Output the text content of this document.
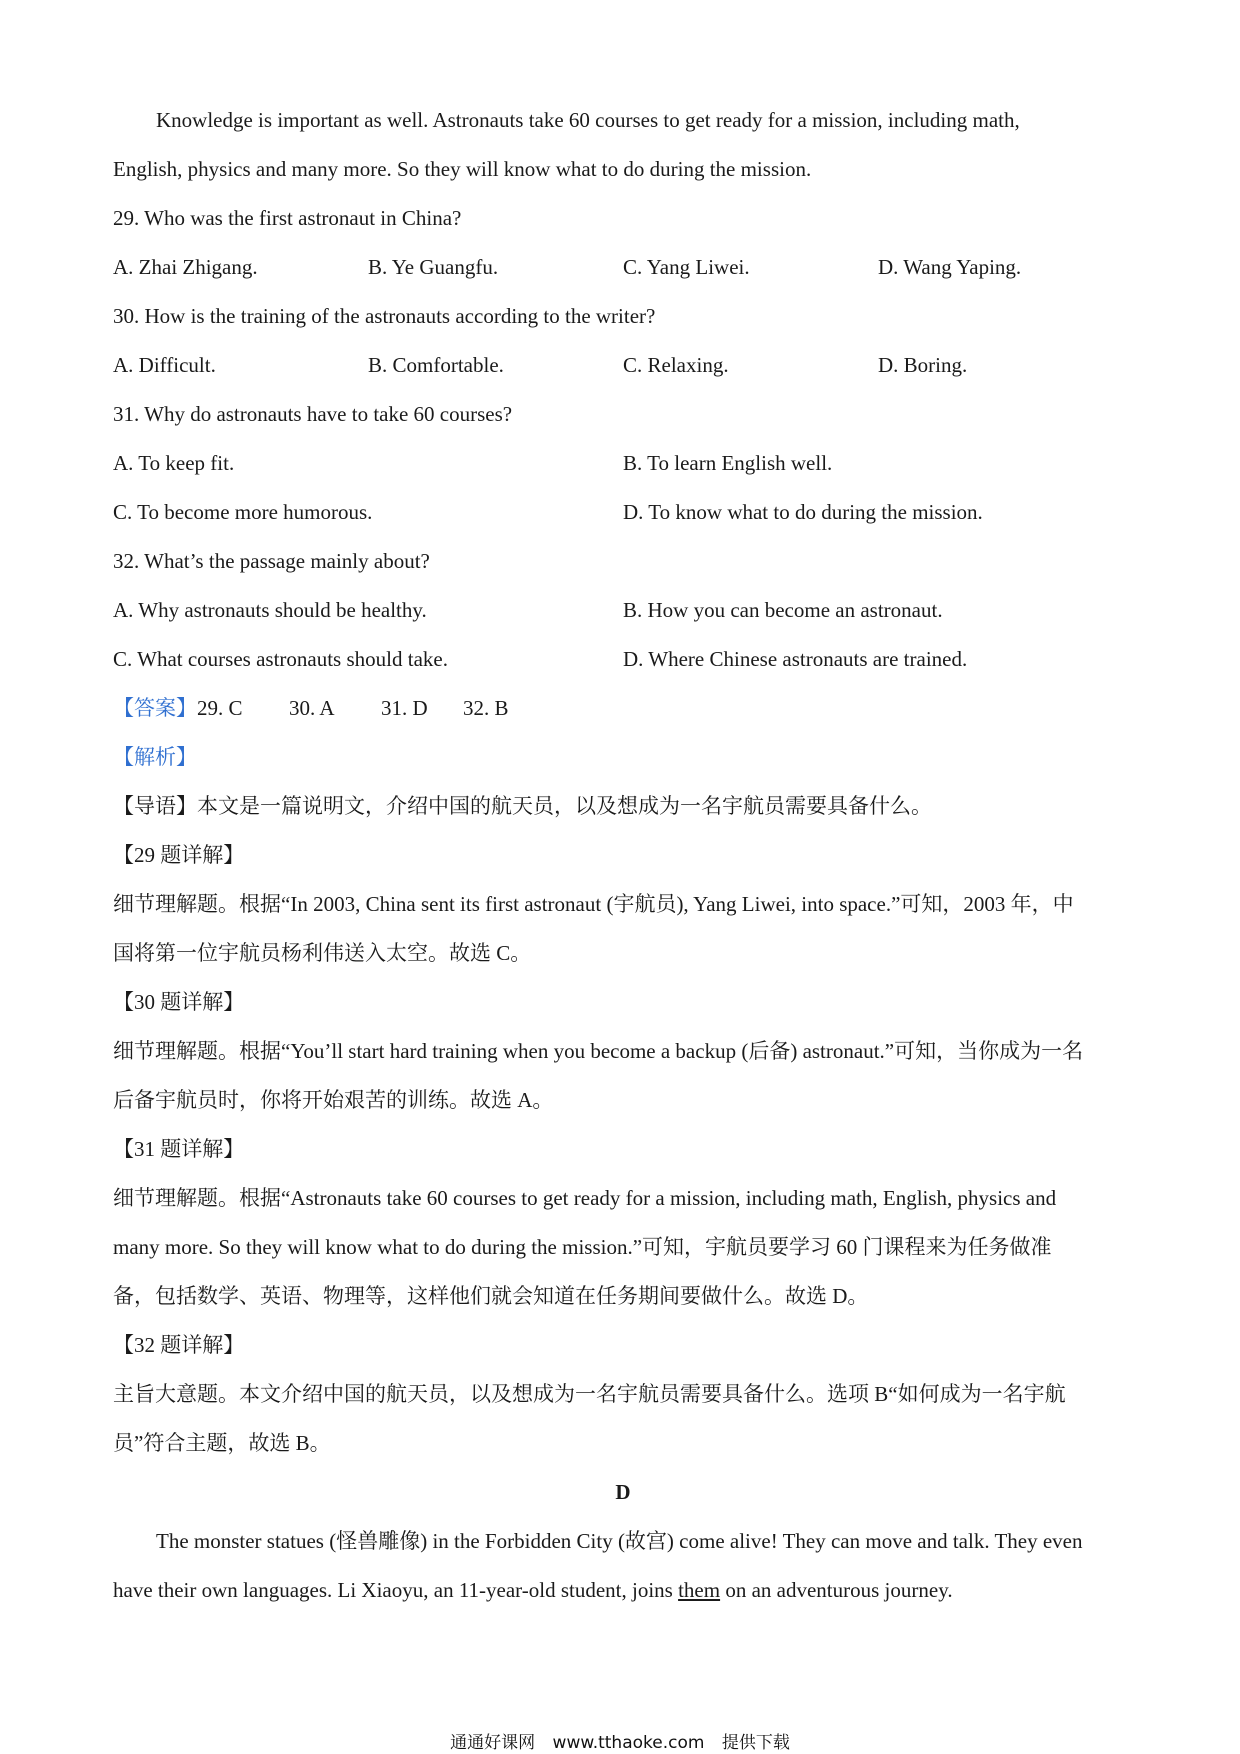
Knowledge is important as well. Astronauts take 60 courses to get ready for a mission, including math,
English, physics and many more. So they will know what to do during the mission.
29. Who was the first astronaut in China?
A. Zhai Zhigang.	B. Ye Guangfu.	C. Yang Liwei.	D. Wang Yaping.
30. How is the training of the astronauts according to the writer?
A. Difficult.	B. Comfortable.	C. Relaxing.	D. Boring.
31. Why do astronauts have to take 60 courses?
A. To keep fit.	B. To learn English well.
C. To become more humorous.	D. To know what to do during the mission.
32. What’s the passage mainly about?
A. Why astronauts should be healthy.	B. How you can become an astronaut.
C. What courses astronauts should take.	D. Where Chinese astronauts are trained.
【答案】29. C 30. A 31. D 32. B
【解析】
【导语】本文是一篇说明文，介绍中国的航天员，以及想成为一名宇航员需要具备什么。
【29 题详解】
细节理解题。根据“In 2003, China sent its first astronaut (宇航员), Yang Liwei, into space.”可知，2003 年，中
国将第一位宇航员杨利伟送入太空。故选 C。
【30 题详解】
细节理解题。根据“You’ll start hard training when you become a backup (后备) astronaut.”可知，当你成为一名
后备宇航员时，你将开始艰苦的训练。故选 A。
【31 题详解】
细节理解题。根据“Astronauts take 60 courses to get ready for a mission, including math, English, physics and
many more. So they will know what to do during the mission.”可知，宇航员要学习 60 门课程来为任务做准
备，包括数学、英语、物理等，这样他们就会知道在任务期间要做什么。故选 D。
【32 题详解】
主旨大意题。本文介绍中国的航天员，以及想成为一名宇航员需要具备什么。选项 B“如何成为一名宇航
员”符合主题，故选 B。
D
The monster statues (怪兽雕像) in the Forbidden City (故宫) come alive! They can move and talk. They even
have their own languages. Li Xiaoyu, an 11-year-old student, joins them on an adventurous journey.
通通好课网 www.tthaoke.com 提供下载
